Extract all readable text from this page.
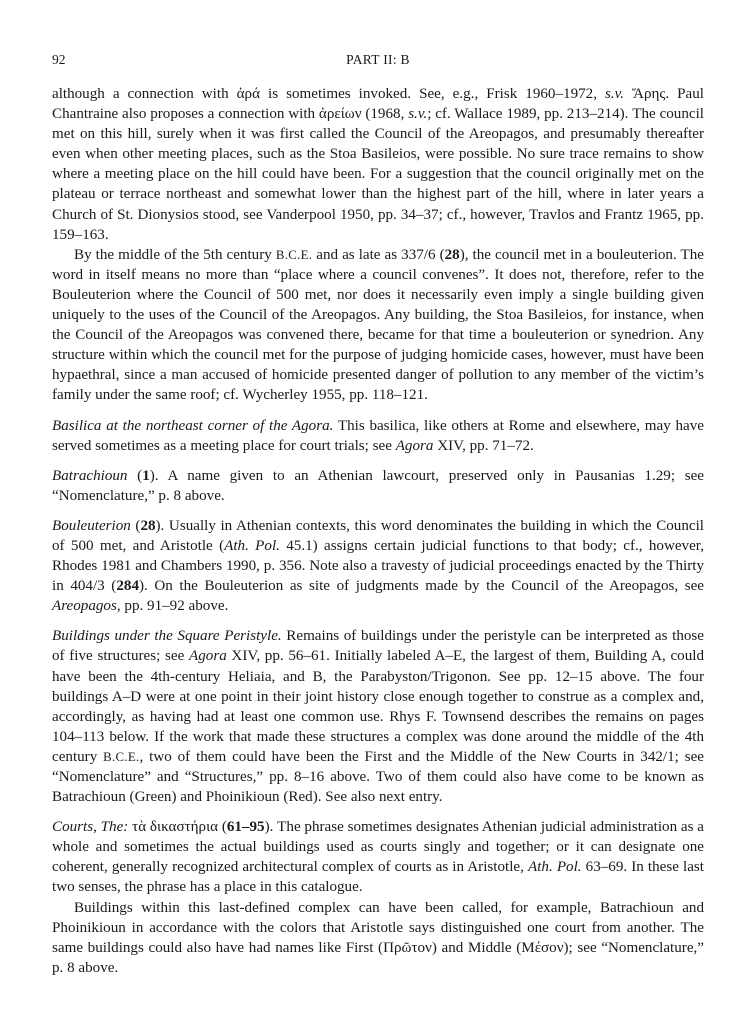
92	PART II: B

although a connection with ἀρά is sometimes invoked. See, e.g., Frisk 1960–1972, s.v. Ἄρης. Paul Chantraine also proposes a connection with ἀρείων (1968, s.v.; cf. Wallace 1989, pp. 213–214). The council met on this hill, surely when it was first called the Council of the Areopagos, and presumably thereafter even when other meeting places, such as the Stoa Basileios, were possible. No sure trace remains to show where a meeting place on the hill could have been. For a suggestion that the council originally met on the plateau or terrace northeast and somewhat lower than the highest part of the hill, where in later years a Church of St. Dionysios stood, see Vanderpool 1950, pp. 34–37; cf., however, Travlos and Frantz 1965, pp. 159–163.

By the middle of the 5th century B.C.E. and as late as 337/6 (28), the council met in a bouleuterion. The word in itself means no more than “place where a council convenes”. It does not, therefore, refer to the Bouleuterion where the Council of 500 met, nor does it necessarily even imply a single building given uniquely to the uses of the Council of the Areopagos. Any building, the Stoa Basileios, for instance, when the Council of the Areopagos was convened there, became for that time a bouleuterion or synedrion. Any structure within which the council met for the purpose of judging homicide cases, however, must have been hypaethral, since a man accused of homicide presented danger of pollution to any member of the victim’s family under the same roof; cf. Wycherley 1955, pp. 118–121.

Basilica at the northeast corner of the Agora. This basilica, like others at Rome and elsewhere, may have served sometimes as a meeting place for court trials; see Agora XIV, pp. 71–72.

Batrachioun (1). A name given to an Athenian lawcourt, preserved only in Pausanias 1.29; see “Nomenclature,” p. 8 above.

Bouleuterion (28). Usually in Athenian contexts, this word denominates the building in which the Council of 500 met, and Aristotle (Ath. Pol. 45.1) assigns certain judicial functions to that body; cf., however, Rhodes 1981 and Chambers 1990, p. 356. Note also a travesty of judicial proceedings enacted by the Thirty in 404/3 (284). On the Bouleuterion as site of judgments made by the Council of the Areopagos, see Areopagos, pp. 91–92 above.

Buildings under the Square Peristyle. Remains of buildings under the peristyle can be interpreted as those of five structures; see Agora XIV, pp. 56–61. Initially labeled A–E, the largest of them, Building A, could have been the 4th-century Heliaia, and B, the Parabyston/Trigonon. See pp. 12–15 above. The four buildings A–D were at one point in their joint history close enough together to construe as a complex and, accordingly, as having had at least one common use. Rhys F. Townsend describes the remains on pages 104–113 below. If the work that made these structures a complex was done around the middle of the 4th century B.C.E., two of them could have been the First and the Middle of the New Courts in 342/1; see “Nomenclature” and “Structures,” pp. 8–16 above. Two of them could also have come to be known as Batrachioun (Green) and Phoinikioun (Red). See also next entry.

Courts, The: τὰ δικαστήρια (61–95). The phrase sometimes designates Athenian judicial administration as a whole and sometimes the actual buildings used as courts singly and together; or it can designate one coherent, generally recognized architectural complex of courts as in Aristotle, Ath. Pol. 63–69. In these last two senses, the phrase has a place in this catalogue.

Buildings within this last-defined complex can have been called, for example, Batrachioun and Phoinikioun in accordance with the colors that Aristotle says distinguished one court from another. The same buildings could also have had names like First (Πρῶτον) and Middle (Μέσον); see “Nomenclature,” p. 8 above.
